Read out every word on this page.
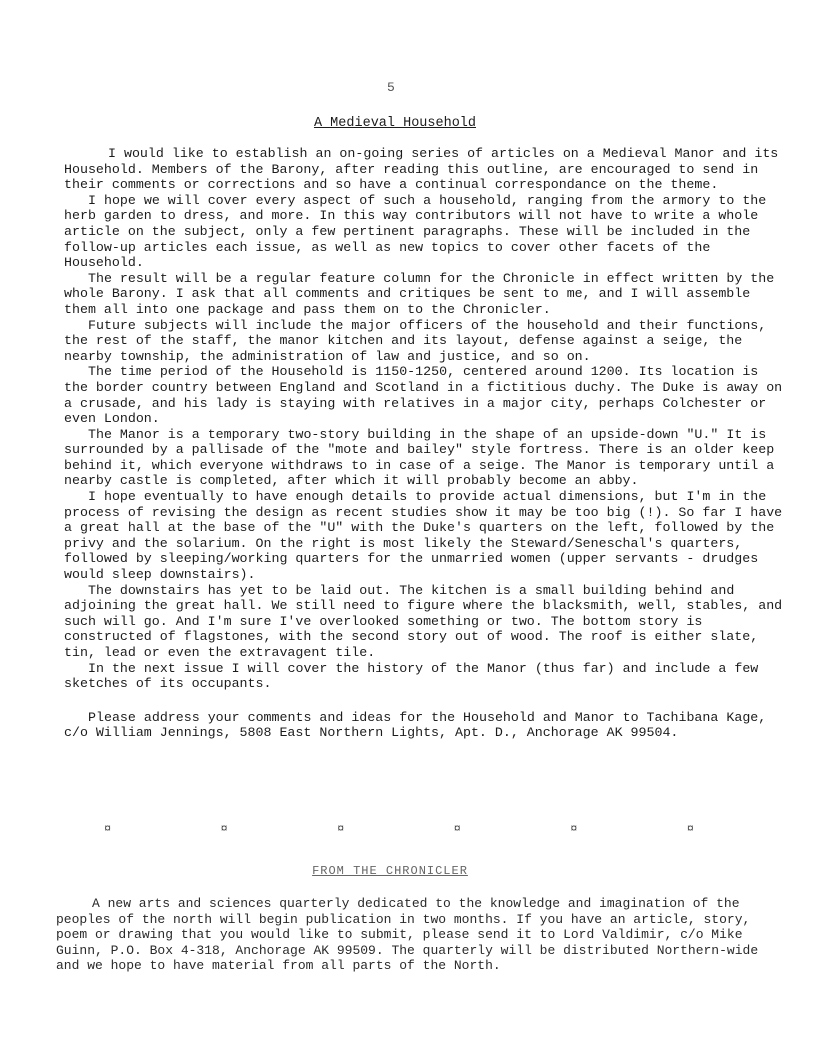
5
A Medieval Household

I would like to establish an on-going series of articles on a Medieval Manor and its Household. Members of the Barony, after reading this outline, are encouraged to send in their comments or corrections and so have a continual correspondance on the theme.

I hope we will cover every aspect of such a household, ranging from the armory to the herb garden to dress, and more. In this way contributors will not have to write a whole article on the subject, only a few pertinent paragraphs. These will be included in the follow-up articles each issue, as well as new topics to cover other facets of the Household.

The result will be a regular feature column for the Chronicle in effect written by the whole Barony. I ask that all comments and critiques be sent to me, and I will assemble them all into one package and pass them on to the Chronicler.

Future subjects will include the major officers of the household and their functions, the rest of the staff, the manor kitchen and its layout, defense against a seige, the nearby township, the administration of law and justice, and so on.

The time period of the Household is 1150-1250, centered around 1200. Its location is the border country between England and Scotland in a fictitious duchy. The Duke is away on a crusade, and his lady is staying with relatives in a major city, perhaps Colchester or even London.

The Manor is a temporary two-story building in the shape of an upside-down "U." It is surrounded by a pallisade of the "mote and bailey" style fortress. There is an older keep behind it, which everyone withdraws to in case of a seige. The Manor is temporary until a nearby castle is completed, after which it will probably become an abby.

I hope eventually to have enough details to provide actual dimensions, but I'm in the process of revising the design as recent studies show it may be too big (!). So far I have a great hall at the base of the "U" with the Duke's quarters on the left, followed by the privy and the solarium. On the right is most likely the Steward/Seneschal's quarters, followed by sleeping/working quarters for the unmarried women (upper servants - drudges would sleep downstairs).

The downstairs has yet to be laid out. The kitchen is a small building behind and adjoining the great hall. We still need to figure where the blacksmith, well, stables, and such will go. And I'm sure I've overlooked something or two. The bottom story is constructed of flagstones, with the second story out of wood. The roof is either slate, tin, lead or even the extravagent tile.

In the next issue I will cover the history of the Manor (thus far) and include a few sketches of its occupants.

Please address your comments and ideas for the Household and Manor to Tachibana Kage, c/o William Jennings, 5808 East Northern Lights, Apt. D., Anchorage AK 99504.

¤	¤	¤	¤	¤	¤
FROM THE CHRONICLER

A new arts and sciences quarterly dedicated to the knowledge and imagination of the peoples of the north will begin publication in two months. If you have an article, story, poem or drawing that you would like to submit, please send it to Lord Valdimir, c/o Mike Guinn, P.O. Box 4-318, Anchorage AK 99509. The quarterly will be distributed Northern-wide and we hope to have material from all parts of the North.
